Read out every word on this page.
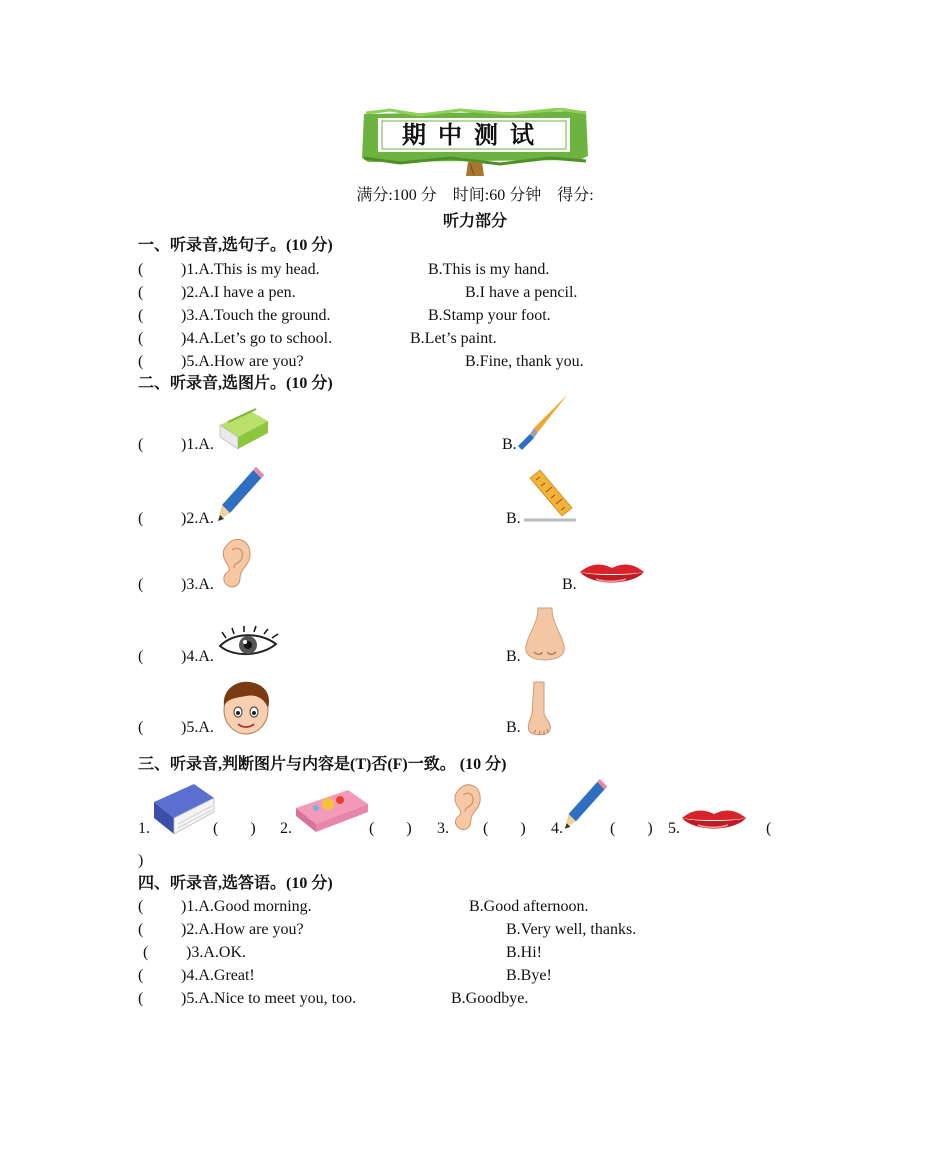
期中测试
满分:100 分    时间:60 分钟    得分:
听力部分
一、听录音,选句子。(10 分)
( )1.A.This is my head.	B.This is my hand.
( )2.A.I have a pen.	B.I have a pencil.
( )3.A.Touch the ground.	B.Stamp your foot.
( )4.A.Let’s go to school.	B.Let’s paint.
( )5.A.How are you?	B.Fine, thank you.
二、听录音,选图片。(10 分)
( )1.A.	B.
( )2.A.	B.
( )3.A.	B.
( )4.A.	B.
( )5.A.	B.
三、听录音,判断图片与内容是(T)否(F)一致。 (10 分)
1.	(        ) 2.	(        ) 3. (        ) 4.	(        ) 5.	(
)
四、听录音,选答语。(10 分)
( )1.A.Good morning.	B.Good afternoon.
( )2.A.How are you?	B.Very well, thanks.
( )3.A.OK.	B.Hi!
( )4.A.Great!	B.Bye!
( )5.A.Nice to meet you, too.	B.Goodbye.
